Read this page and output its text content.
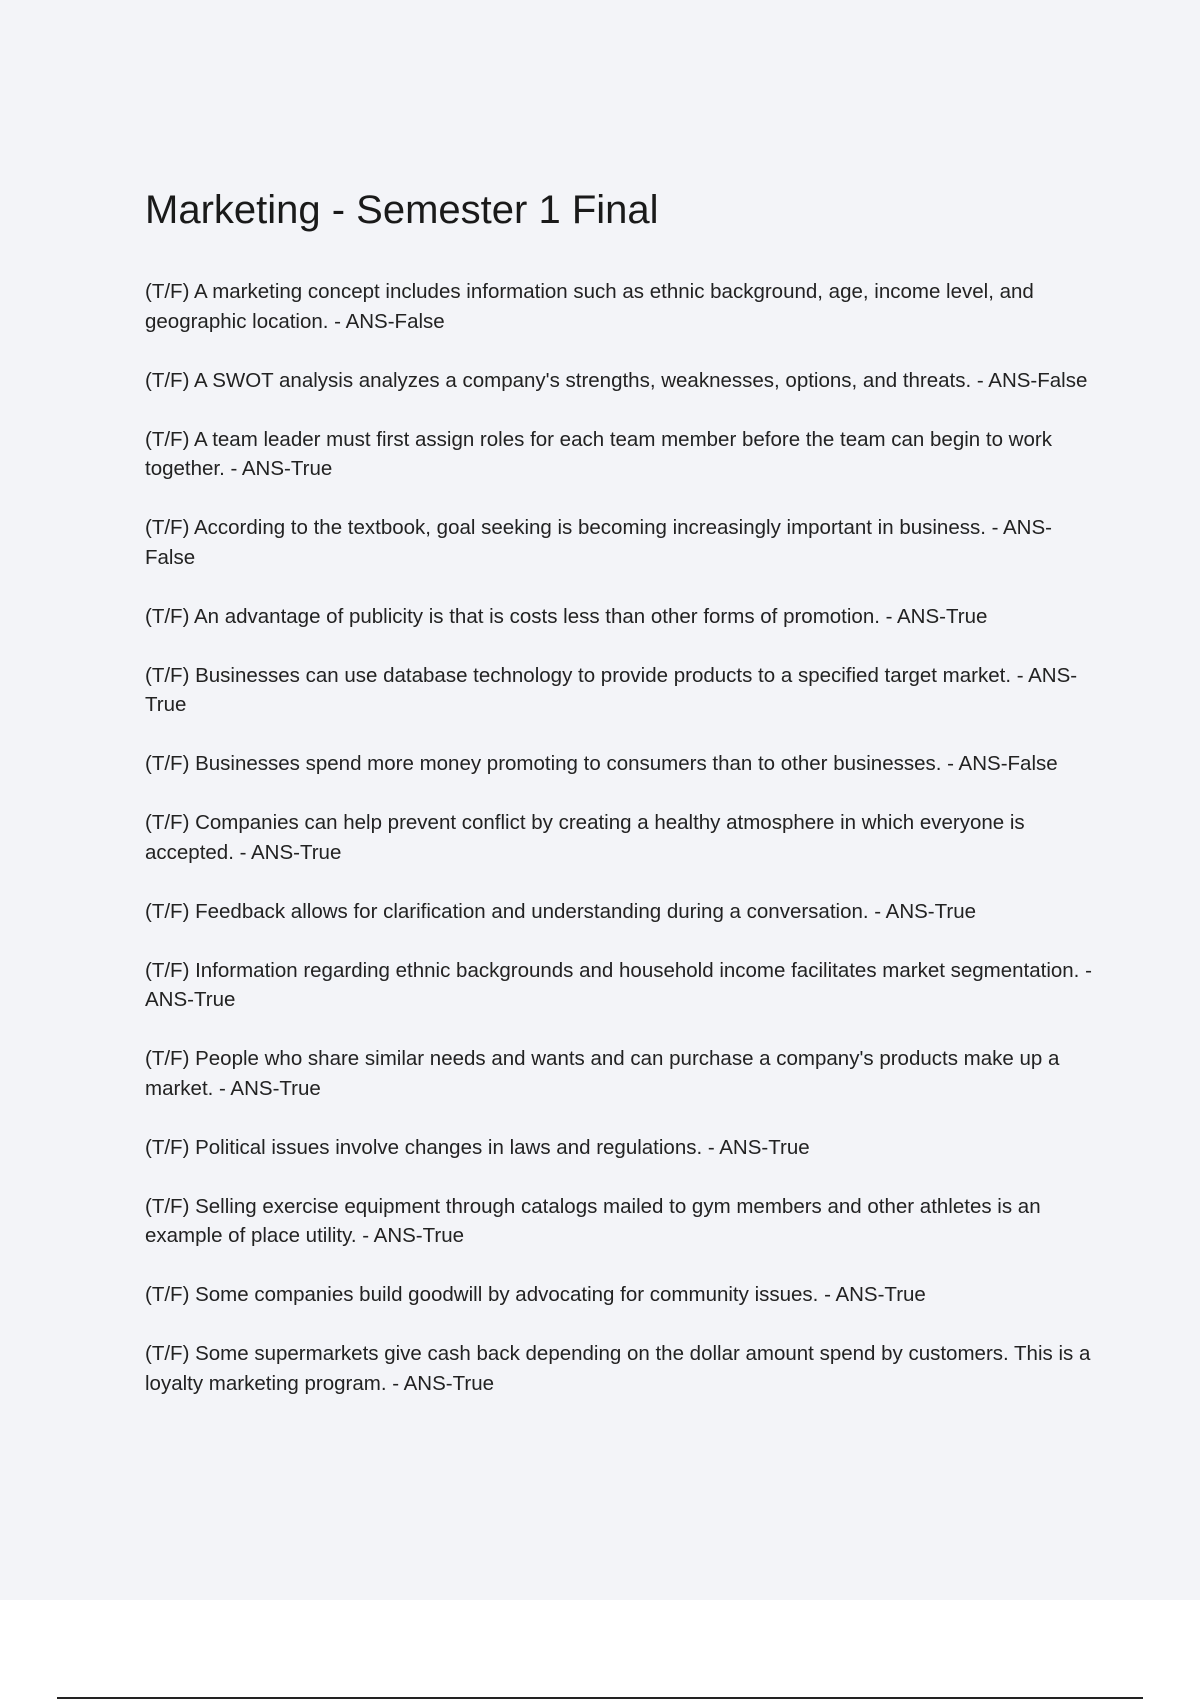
Marketing - Semester 1 Final
(T/F) A marketing concept includes information such as ethnic background, age, income level, and geographic location. - ANS-False
(T/F) A SWOT analysis analyzes a company's strengths, weaknesses, options, and threats. - ANS-False
(T/F) A team leader must first assign roles for each team member before the team can begin to work together. - ANS-True
(T/F) According to the textbook, goal seeking is becoming increasingly important in business. - ANS-False
(T/F) An advantage of publicity is that is costs less than other forms of promotion. - ANS-True
(T/F) Businesses can use database technology to provide products to a specified target market. - ANS-True
(T/F) Businesses spend more money promoting to consumers than to other businesses. - ANS-False
(T/F) Companies can help prevent conflict by creating a healthy atmosphere in which everyone is accepted. - ANS-True
(T/F) Feedback allows for clarification and understanding during a conversation. - ANS-True
(T/F) Information regarding ethnic backgrounds and household income facilitates market segmentation. - ANS-True
(T/F) People who share similar needs and wants and can purchase a company's products make up a market. - ANS-True
(T/F) Political issues involve changes in laws and regulations. - ANS-True
(T/F) Selling exercise equipment through catalogs mailed to gym members and other athletes is an example of place utility. - ANS-True
(T/F) Some companies build goodwill by advocating for community issues. - ANS-True
(T/F) Some supermarkets give cash back depending on the dollar amount spend by customers. This is a loyalty marketing program. - ANS-True
